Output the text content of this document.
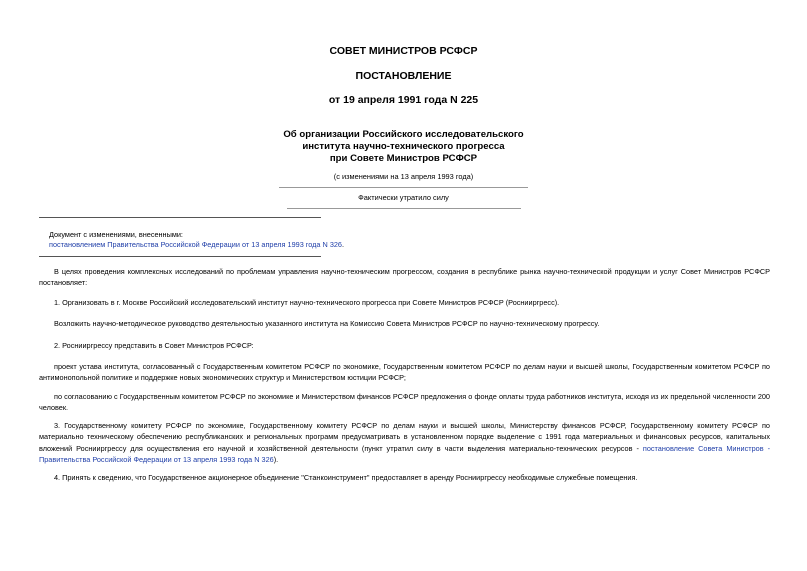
СОВЕТ МИНИСТРОВ РСФСР
ПОСТАНОВЛЕНИЕ
от 19 апреля 1991 года N 225
Об организации Российского исследовательского
института научно-технического прогресса
при Совете Министров РСФСР
(с изменениями на 13 апреля 1993 года)
Фактически утратило силу
Документ с изменениями, внесенными:
постановлением Правительства Российской Федерации от 13 апреля 1993 года N 326.
В целях проведения комплексных исследований по проблемам управления научно-техническим прогрессом, создания в республике рынка научно-технической продукции и услуг Совет Министров РСФСР постановляет:
1. Организовать в г. Москве Российский исследовательский институт научно-технического прогресса при Совете Министров РСФСР (Роснииргресс).
Возложить научно-методическое руководство деятельностью указанного института на Комиссию Совета Министров РСФСР по научно-техническому прогрессу.
2. Роснииргрессу представить в Совет Министров РСФСР:
проект устава института, согласованный с Государственным комитетом РСФСР по экономике, Государственным комитетом РСФСР по делам науки и высшей школы, Государственным комитетом РСФСР по антимонопольной политике и поддержке новых экономических структур и Министерством юстиции РСФСР;
по согласованию с Государственным комитетом РСФСР по экономике и Министерством финансов РСФСР предложения о фонде оплаты труда работников института, исходя из их предельной численности 200 человек.
3. Государственному комитету РСФСР по экономике, Государственному комитету РСФСР по делам науки и высшей школы, Министерству финансов РСФСР, Государственному комитету РСФСР по материально техническому обеспечению республиканских и региональных программ предусматривать в установленном порядке выделение с 1991 года материальных и финансовых ресурсов, капитальных вложений Роснииргрессу для осуществления его научной и хозяйственной деятельности (пункт утратил силу в части выделения материально-технических ресурсов - постановление Совета Министров - Правительства Российской Федерации от 13 апреля 1993 года N 326).
4. Принять к сведению, что Государственное акционерное объединение "Станкоинструмент" предоставляет в аренду Роснииргрессу необходимые служебные помещения.
